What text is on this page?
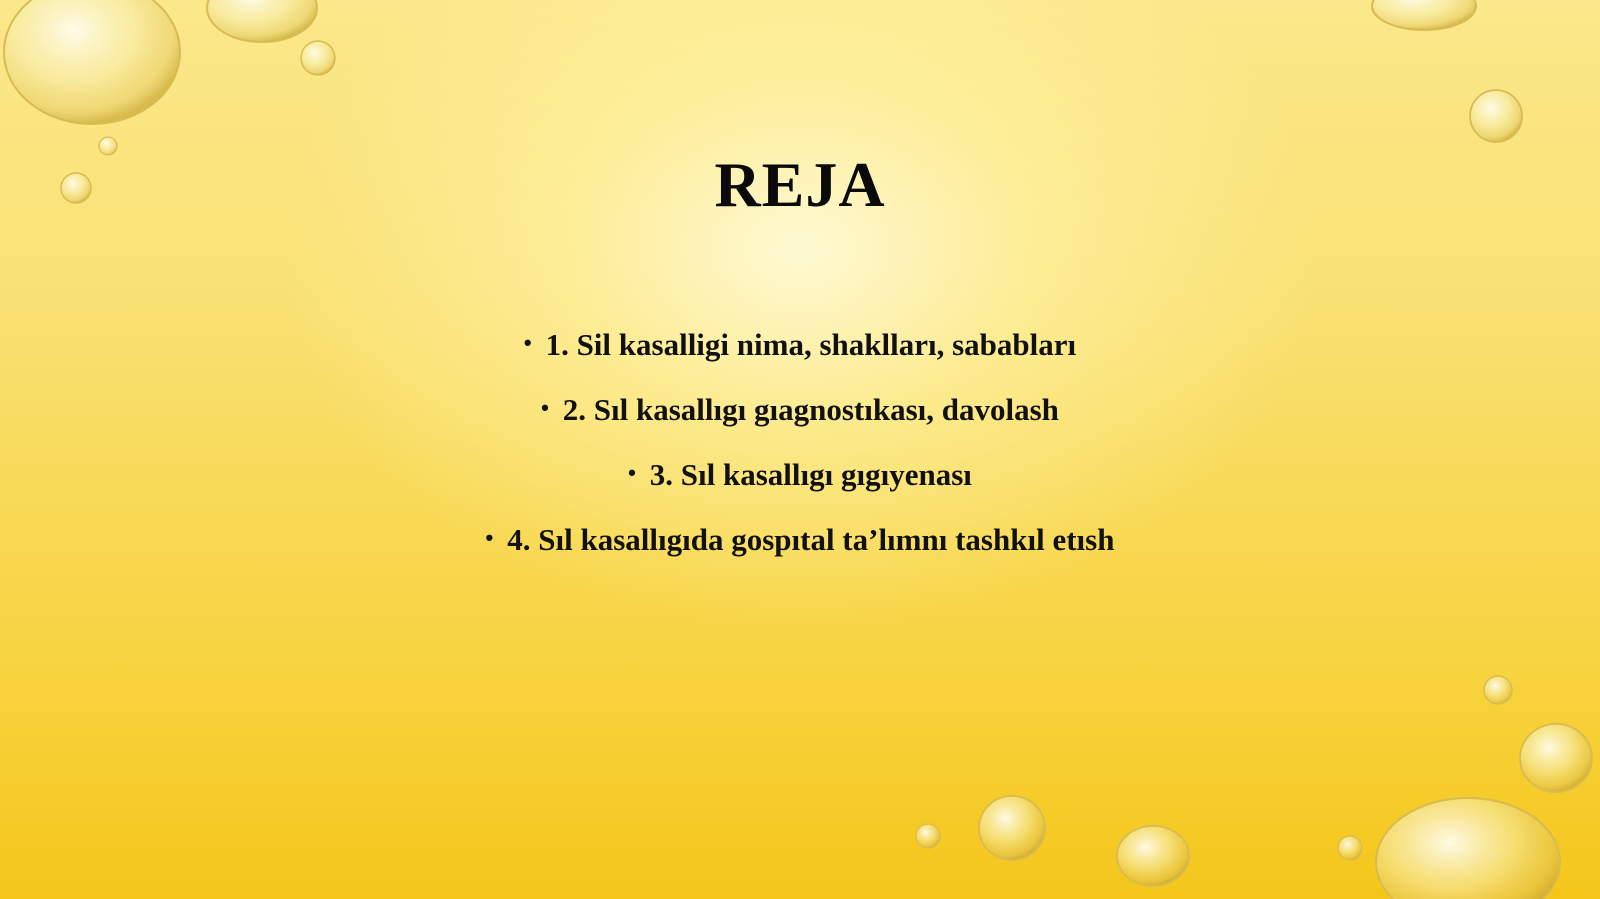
REJA
• 1. Sil kasalligi nima, shaklları, sababları
• 2. Sıl kasallıgı gıagnostıkası, davolash
• 3. Sıl kasallıgı gıgıyenası
• 4. Sıl kasallıgıda gospıtal ta’lımnı tashkıl etısh
